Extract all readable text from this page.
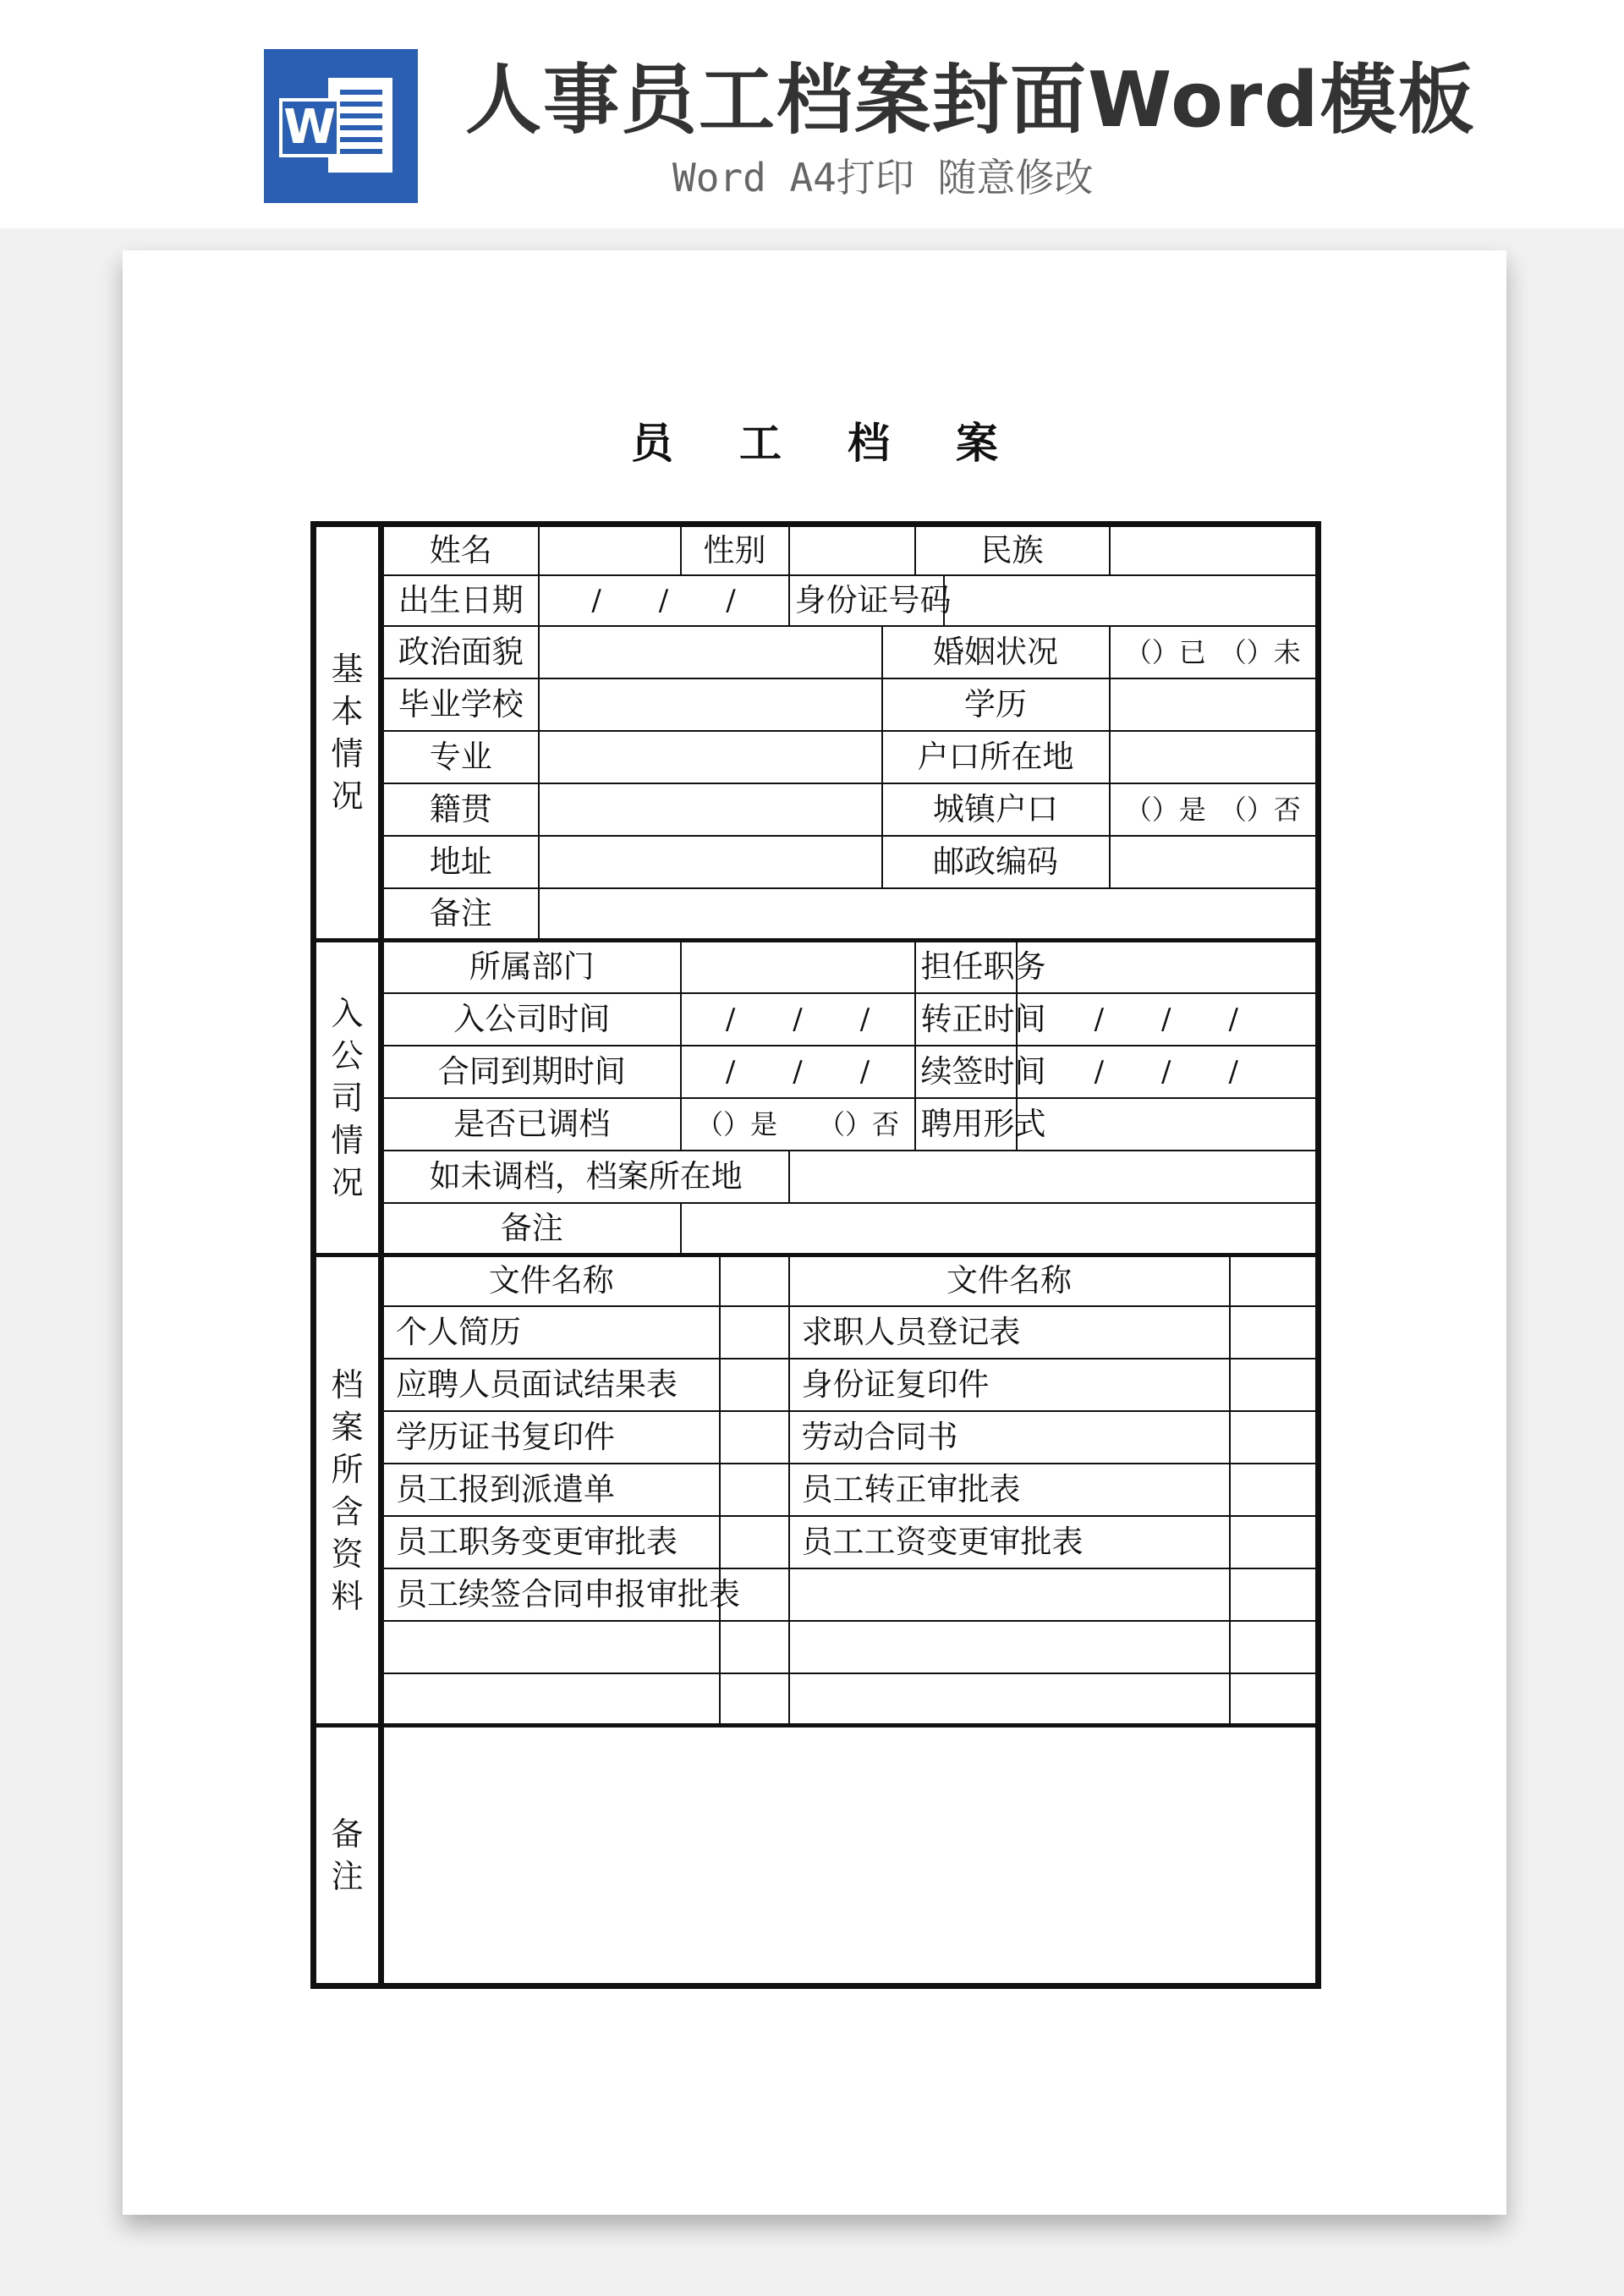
W 人事员工档案封面Word模板
Word A4打印 随意修改
员工档案
基本情况	姓名		性别				民族				
	出生日期	/　　/　　/			身份证号码						
	政治面貌					婚姻状况				（）已　（）未	
	毕业学校					学历					
	专业					户口所在地					
	籍贯					城镇户口				（）是　（）否	
	地址					邮政编码					
	备注										
入公司情况	所属部门						担任职务				
	入公司时间		/　　/　　/				转正时间		/　　/　　/		
	合同到期时间		/　　/　　/				续签时间		/　　/　　/		
	是否已调档		（）是　　（）否				聘用形式				
	如未调档，档案所在地										
	备注										
档案所含资料	文件名称				文件名称						
	个人简历				求职人员登记表						
	应聘人员面试结果表				身份证复印件						
	学历证书复印件				劳动合同书						
	员工报到派遣单				员工转正审批表						
	员工职务变更审批表				员工工资变更审批表						
	员工续签合同申报审批表										

备注											
